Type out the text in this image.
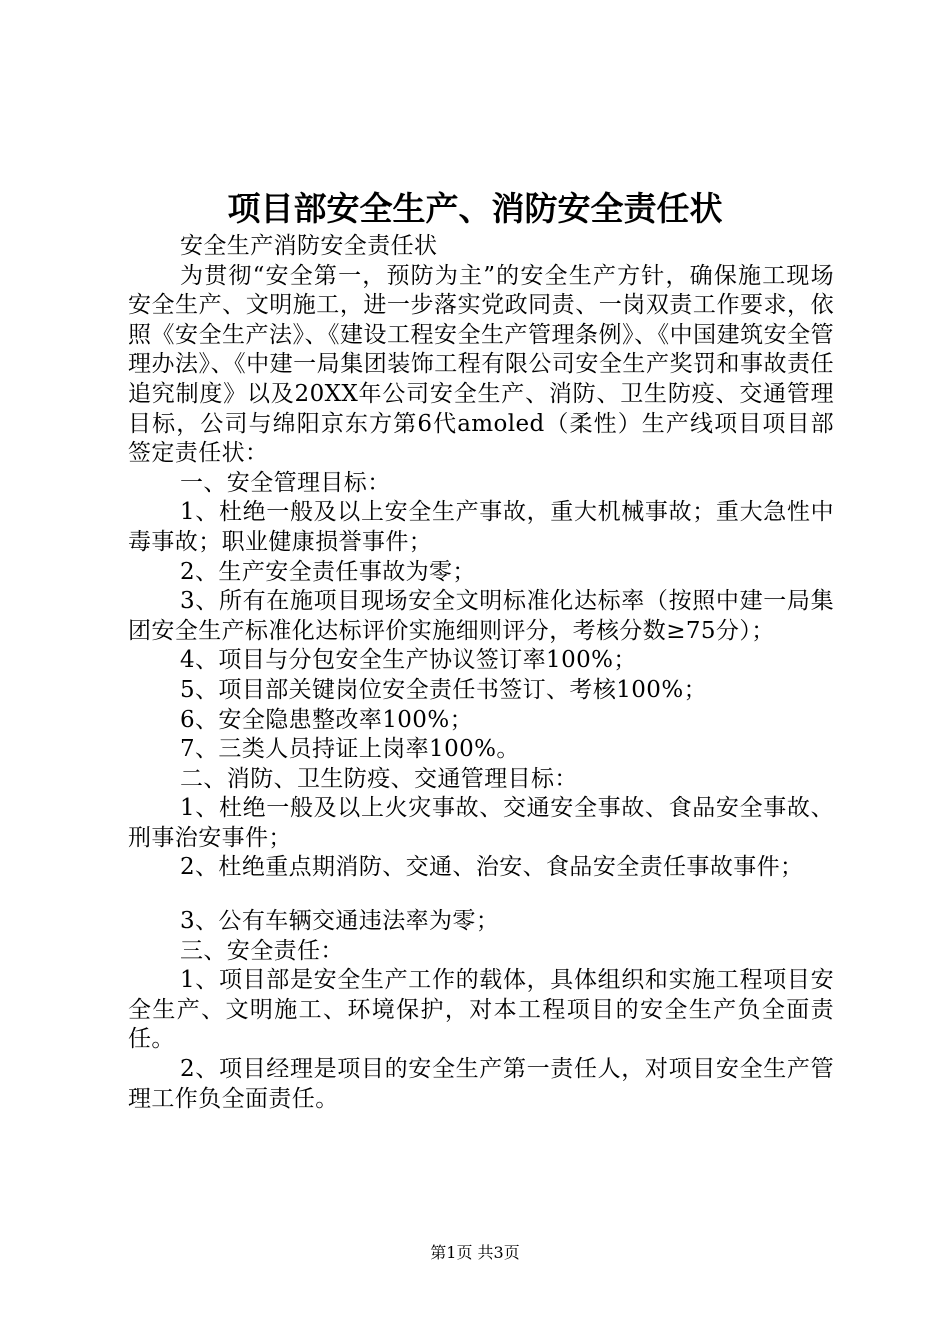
项目部安全生产、消防安全责任状

安全生产消防安全责任状

为贯彻“安全第一，预防为主”的安全生产方针，确保施工现场安全生产、文明施工，进一步落实党政同责、一岗双责工作要求，依照《安全生产法》、《建设工程安全生产管理条例》、《中国建筑安全管理办法》、《中建一局集团装饰工程有限公司安全生产奖罚和事故责任追究制度》以及20XX年公司安全生产、消防、卫生防疫、交通管理目标，公司与绵阳京东方第6代amoled（柔性）生产线项目项目部签定责任状：

一、安全管理目标：

1、杜绝一般及以上安全生产事故，重大机械事故；重大急性中毒事故；职业健康损誉事件；

2、生产安全责任事故为零；

3、所有在施项目现场安全文明标准化达标率（按照中建一局集团安全生产标准化达标评价实施细则评分，考核分数≥75分）；

4、项目与分包安全生产协议签订率100%；

5、项目部关键岗位安全责任书签订、考核100%；

6、安全隐患整改率100%；

7、三类人员持证上岗率100%。

二、消防、卫生防疫、交通管理目标：

1、杜绝一般及以上火灾事故、交通安全事故、食品安全事故、刑事治安事件；

2、杜绝重点期消防、交通、治安、食品安全责任事故事件；

3、公有车辆交通违法率为零；

三、安全责任：

1、项目部是安全生产工作的载体，具体组织和实施工程项目安全生产、文明施工、环境保护，对本工程项目的安全生产负全面责任。

2、项目经理是项目的安全生产第一责任人，对项目安全生产管理工作负全面责任。

第1页 共3页
